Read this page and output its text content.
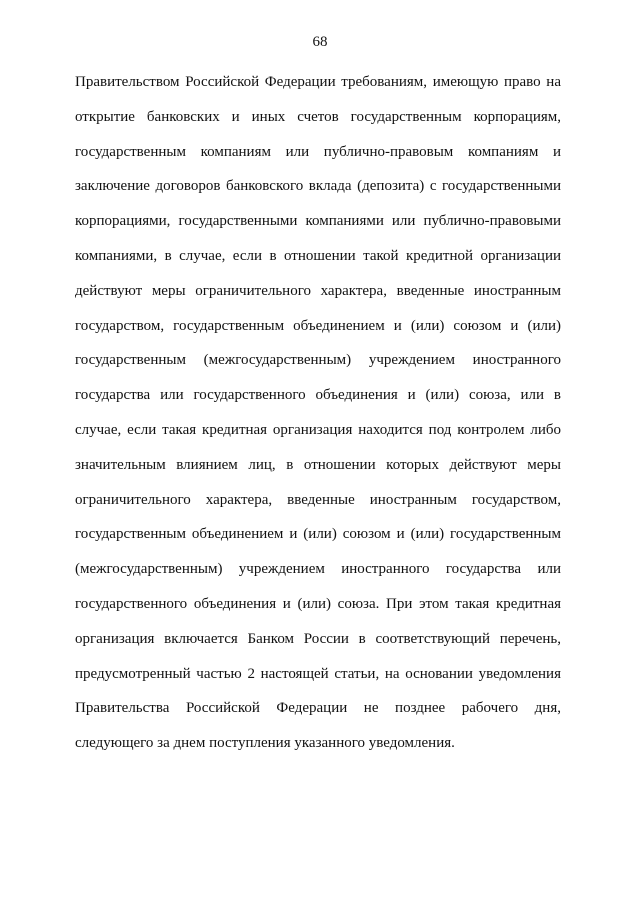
68
Правительством Российской Федерации требованиям, имеющую право на
открытие банковских и иных счетов государственным корпорациям,
государственным компаниям или публично-правовым компаниям и
заключение договоров банковского вклада (депозита) с государственными
корпорациями, государственными компаниями или публично-правовыми
компаниями, в случае, если в отношении такой кредитной организации
действуют меры ограничительного характера, введенные иностранным
государством, государственным объединением и (или) союзом и (или)
государственным (межгосударственным) учреждением иностранного
государства или государственного объединения и (или) союза, или в
случае, если такая кредитная организация находится под контролем либо
значительным влиянием лиц, в отношении которых действуют меры
ограничительного характера, введенные иностранным государством,
государственным объединением и (или) союзом и (или) государственным
(межгосударственным) учреждением иностранного государства или
государственного объединения и (или) союза. При этом такая кредитная
организация включается Банком России в соответствующий перечень,
предусмотренный частью 2 настоящей статьи, на основании уведомления
Правительства Российской Федерации не позднее рабочего дня,
следующего за днем поступления указанного уведомления.
